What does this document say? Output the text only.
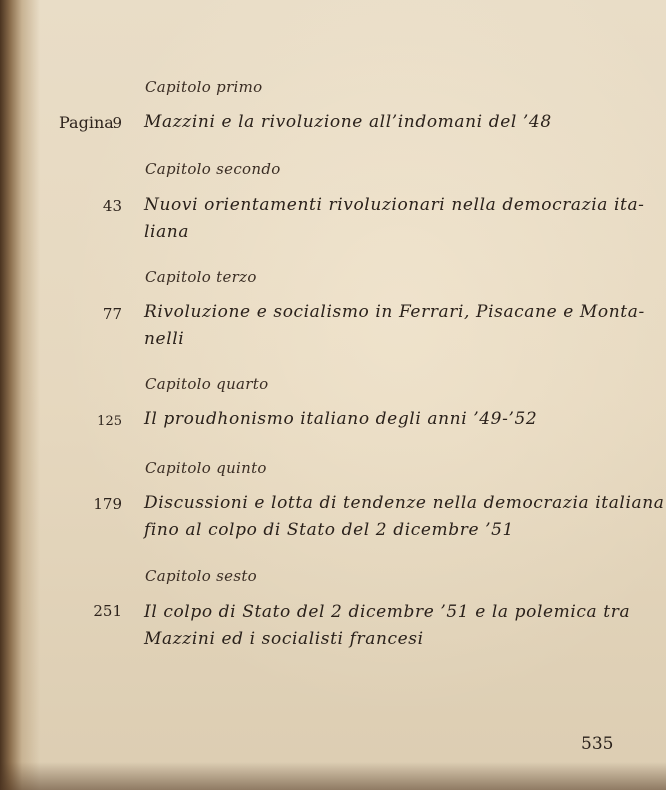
Capitolo primo
Pagina
9 Mazzini e la rivoluzione all’indomani del ’48
Capitolo secondo
43 Nuovi orientamenti rivoluzionari nella democrazia ita-
liana
Capitolo terzo
77 Rivoluzione e socialismo in Ferrari, Pisacane e Monta-
nelli
Capitolo quarto
125 Il proudhonismo italiano degli anni ’49-’52
Capitolo quinto
179 Discussioni e lotta di tendenze nella democrazia italiana
fino al colpo di Stato del 2 dicembre ’51
Capitolo sesto
251 Il colpo di Stato del 2 dicembre ’51 e la polemica tra
Mazzini ed i socialisti francesi
535
